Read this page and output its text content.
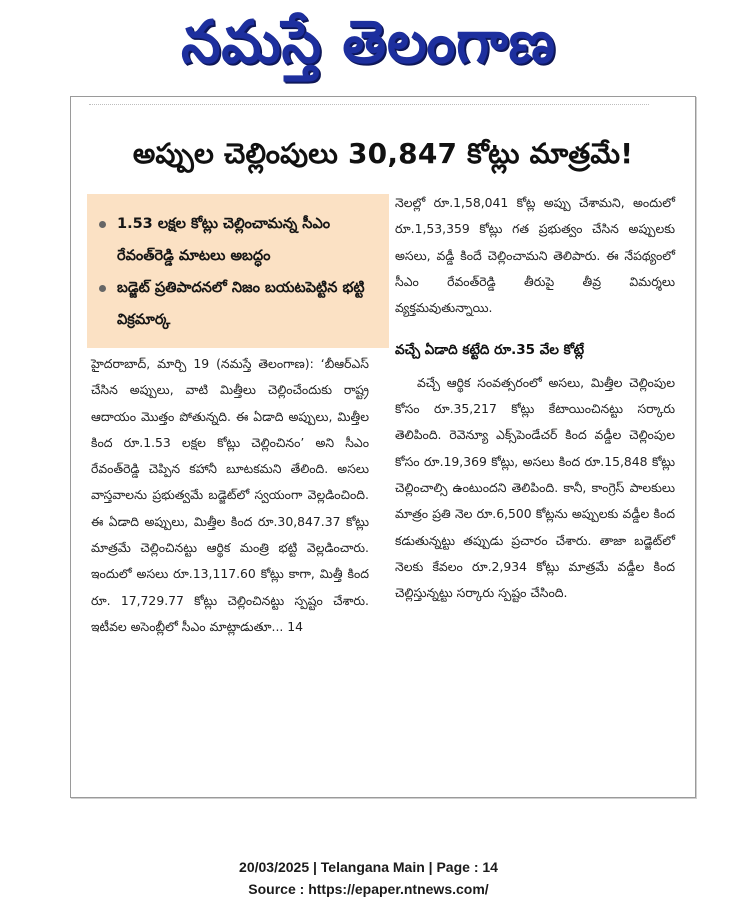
నమస్తే తెలంగాణ
అప్పుల చెల్లింపులు 30,847 కోట్లు మాత్రమే!
1.53 లక్షల కోట్లు చెల్లించామన్న సీఎం రేవంత్‌రెడ్డి మాటలు అబద్ధం
బడ్జెట్ ప్రతిపాదనలో నిజం బయటపెట్టిన భట్టి విక్రమార్క

హైదరాబాద్, మార్చి 19 (నమస్తే తెలంగాణ): ‘బీఆర్‌ఎస్ చేసిన అప్పులు, వాటి మిత్తీలు చెల్లించేందుకు రాష్ట్ర ఆదాయం మొత్తం పోతున్నది. ఈ ఏడాది అప్పులు, మిత్తీల కింద రూ.1.53 లక్షల కోట్లు చెల్లించినం’ అని సీఎం రేవంత్‌రెడ్డి చెప్పిన కహానీ బూటకమని తేలింది. అసలు వాస్తవాలను ప్రభుత్వమే బడ్జెట్‌లో స్వయంగా వెల్లడించింది. ఈ ఏడాది అప్పులు, మిత్తీల కింద రూ.30,847.37 కోట్లు మాత్రమే చెల్లించినట్టు ఆర్థిక మంత్రి భట్టి వెల్లడించారు. ఇందులో అసలు రూ.13,117.60 కోట్లు కాగా, మిత్తీ కింద రూ. 17,729.77 కోట్లు చెల్లించినట్టు స్పష్టం చేశారు. ఇటీవల అసెంబ్లీలో సీఎం మాట్లాడుతూ... 14

నెలల్లో రూ.1,58,041 కోట్ల అప్పు చేశామని, అందులో రూ.1,53,359 కోట్లు గత ప్రభుత్వం చేసిన అప్పులకు అసలు, వడ్డీ కిందే చెల్లించామని తెలిపారు. ఈ నేపథ్యంలో సీఎం రేవంత్‌రెడ్డి తీరుపై తీవ్ర విమర్శలు వ్యక్తమవుతున్నాయి.

వచ్చే ఏడాది కట్టేది రూ.35 వేల కోట్లే

వచ్చే ఆర్థిక సంవత్సరంలో అసలు, మిత్తీల చెల్లింపుల కోసం రూ.35,217 కోట్లు కేటాయించినట్టు సర్కారు తెలిపింది. రెవెన్యూ ఎక్స్‌పెండేచర్ కింద వడ్డీల చెల్లింపుల కోసం రూ.19,369 కోట్లు, అసలు కింద రూ.15,848 కోట్లు చెల్లించాల్సి ఉంటుందని తెలిపింది. కానీ, కాంగ్రెస్ పాలకులు మాత్రం ప్రతి నెల రూ.6,500 కోట్లను అప్పులకు వడ్డీల కింద కడుతున్నట్టు తప్పుడు ప్రచారం చేశారు. తాజా బడ్జెట్‌లో నెలకు కేవలం రూ.2,934 కోట్లు మాత్రమే వడ్డీల కింద చెల్లిస్తున్నట్టు సర్కారు స్పష్టం చేసింది.

20/03/2025 | Telangana Main | Page : 14
Source : https://epaper.ntnews.com/
